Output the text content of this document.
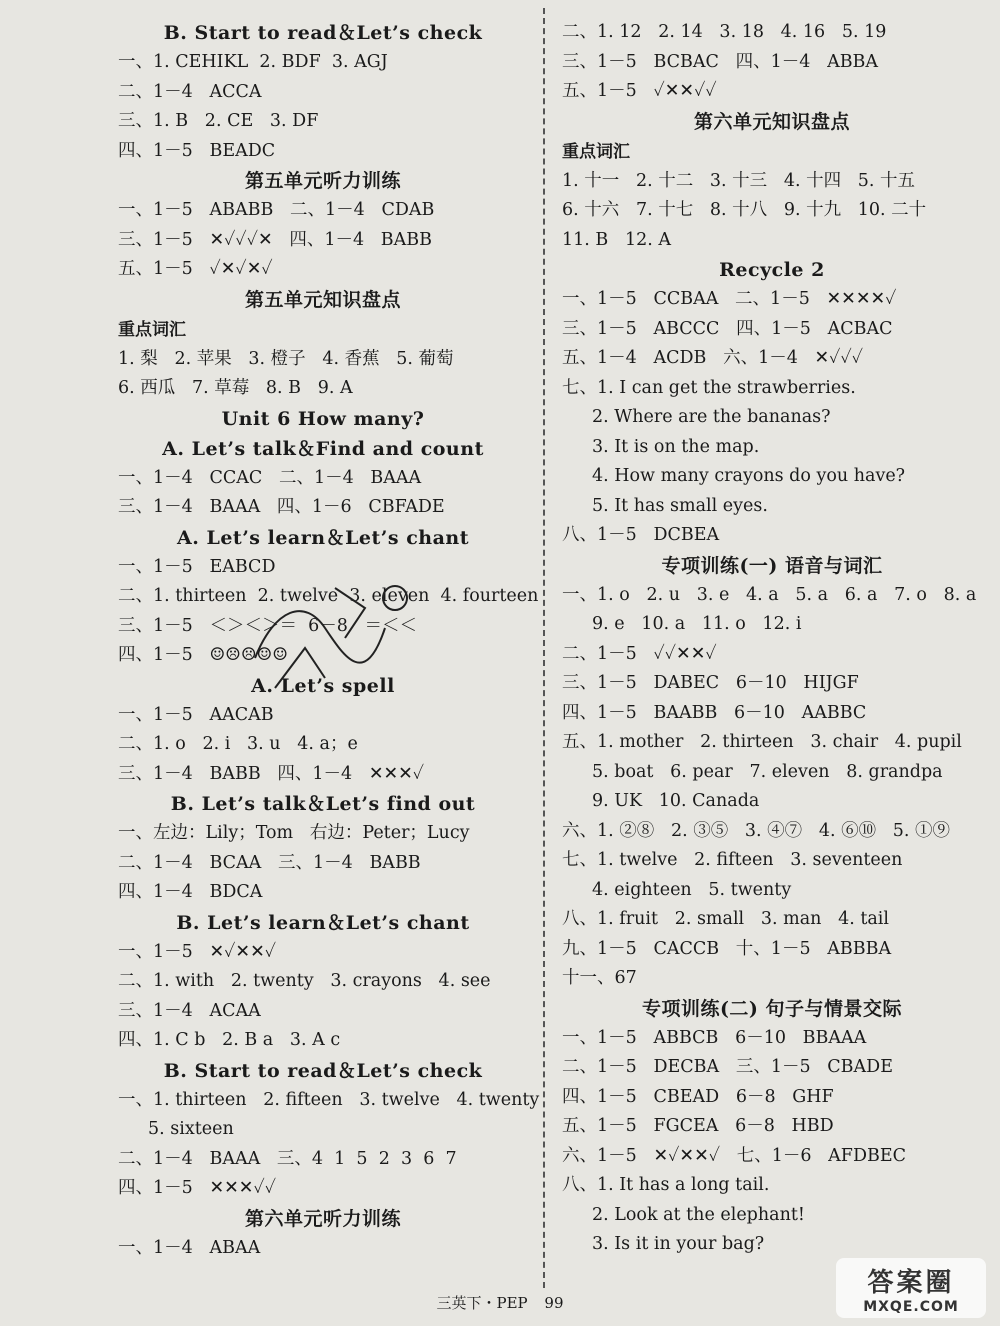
B. Start to read＆Let’s check
一、1. CEHIKL  2. BDF  3. AGJ
二、1－4   ACCA
三、1. B   2. CE   3. DF
四、1－5   BEADC
第五单元听力训练
一、1－5   ABABB   二、1－4   CDAB
三、1－5   ✕✓✓✓✕   四、1－4   BABB
五、1－5   ✓✕✓✕✓
第五单元知识盘点
重点词汇
1. 梨   2. 苹果   3. 橙子   4. 香蕉   5. 葡萄
6. 西瓜   7. 草莓   8. B   9. A
Unit 6 How many?
A. Let’s talk＆Find and count
一、1－4   CCAC   二、1－4   BAAA
三、1－4   BAAA   四、1－6   CBFADE
A. Let’s learn＆Let’s chant
一、1－5   EABCD
二、1. thirteen  2. twelve  3. eleven  4. fourteen
三、1－5   ＜＞＜＞＝  6－8   ＝＜＜
四、1－5   ☺☹☹☺☺
A. Let’s spell
一、1－5   AACAB
二、1. o   2. i   3. u   4. a；e
三、1－4   BABB   四、1－4   ✕✕✕✓
B. Let’s talk＆Let’s find out
一、左边：Lily；Tom   右边：Peter；Lucy
二、1－4   BCAA   三、1－4   BABB
四、1－4   BDCA
B. Let’s learn＆Let’s chant
一、1－5   ✕✓✕✕✓
二、1. with   2. twenty   3. crayons   4. see
三、1－4   ACAA
四、1. C b   2. B a   3. A c
B. Start to read＆Let’s check
一、1. thirteen   2. fifteen   3. twelve   4. twenty
5. sixteen
二、1－4   BAAA   三、4  1  5  2  3  6  7
四、1－5   ✕✕✕✓✓
第六单元听力训练
一、1－4   ABAA
二、1. 12   2. 14   3. 18   4. 16   5. 19
三、1－5   BCBAC   四、1－4   ABBA
五、1－5   ✓✕✕✓✓
第六单元知识盘点
重点词汇
1. 十一   2. 十二   3. 十三   4. 十四   5. 十五
6. 十六   7. 十七   8. 十八   9. 十九   10. 二十
11. B   12. A
Recycle 2
一、1－5   CCBAA   二、1－5   ✕✕✕✕✓
三、1－5   ABCCC   四、1－5   ACBAC
五、1－4   ACDB   六、1－4   ✕✓✓✓
七、1. I can get the strawberries.
2. Where are the bananas?
3. It is on the map.
4. How many crayons do you have?
5. It has small eyes.
八、1－5   DCBEA
专项训练(一) 语音与词汇
一、1. o   2. u   3. e   4. a   5. a   6. a   7. o   8. a
9. e   10. a   11. o   12. i
二、1－5   ✓✓✕✕✓
三、1－5   DABEC   6－10   HIJGF
四、1－5   BAABB   6－10   AABBC
五、1. mother   2. thirteen   3. chair   4. pupil
5. boat   6. pear   7. eleven   8. grandpa
9. UK   10. Canada
六、1. ②⑧   2. ③⑤   3. ④⑦   4. ⑥⑩   5. ①⑨
七、1. twelve   2. fifteen   3. seventeen
4. eighteen   5. twenty
八、1. fruit   2. small   3. man   4. tail
九、1－5   CACCB   十、1－5   ABBBA
十一、67
专项训练(二) 句子与情景交际
一、1－5   ABBCB   6－10   BBAAA
二、1－5   DECBA   三、1－5   CBADE
四、1－5   CBEAD   6－8   GHF
五、1－5   FGCEA   6－8   HBD
六、1－5   ✕✓✕✕✓   七、1－6   AFDBEC
八、1. It has a long tail.
2. Look at the elephant!
3. Is it in your bag?
三英下・PEP 99
答案圈
MXQE.COM
